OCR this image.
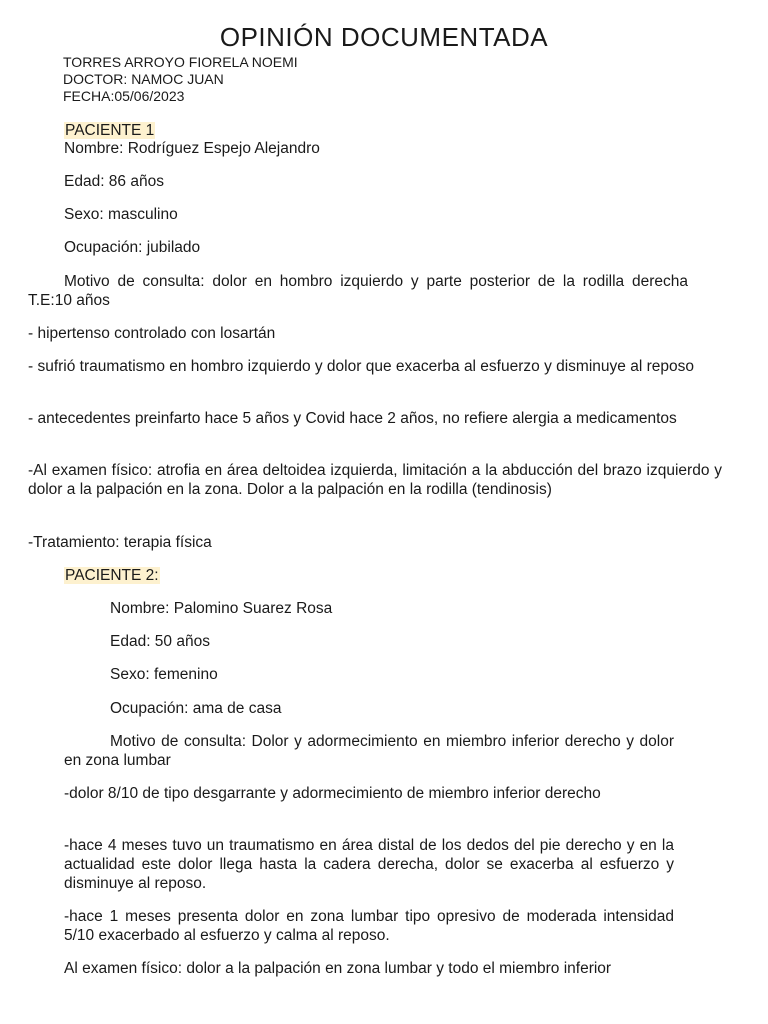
OPINIÓN DOCUMENTADA
TORRES ARROYO FIORELA NOEMI
DOCTOR: NAMOC JUAN
FECHA:05/06/2023
PACIENTE 1
Nombre: Rodríguez Espejo Alejandro
Edad: 86 años
Sexo: masculino
Ocupación: jubilado
Motivo de consulta: dolor en hombro izquierdo y parte posterior de la rodilla derecha T.E:10 años
- hipertenso controlado con losartán
- sufrió traumatismo en hombro izquierdo y dolor que exacerba al esfuerzo y disminuye al reposo
- antecedentes preinfarto hace 5 años y Covid hace 2 años, no refiere alergia a medicamentos
-Al examen físico: atrofia en área deltoidea izquierda, limitación a la abducción del brazo izquierdo y dolor a la palpación en la zona. Dolor a la palpación en la rodilla (tendinosis)
-Tratamiento: terapia física
PACIENTE 2:
Nombre: Palomino Suarez Rosa
Edad: 50 años
Sexo: femenino
Ocupación: ama de casa
Motivo de consulta: Dolor y adormecimiento en miembro inferior derecho y dolor en zona lumbar
-dolor 8/10 de tipo desgarrante y adormecimiento de miembro inferior derecho
-hace 4 meses tuvo un traumatismo en área distal de los dedos del pie derecho y en la actualidad este dolor llega hasta la cadera derecha, dolor se exacerba al esfuerzo y disminuye al reposo.
-hace 1 meses presenta dolor en zona lumbar tipo opresivo de moderada intensidad 5/10 exacerbado al esfuerzo y calma al reposo.
Al examen físico: dolor a la palpación en zona lumbar y todo el miembro inferior
